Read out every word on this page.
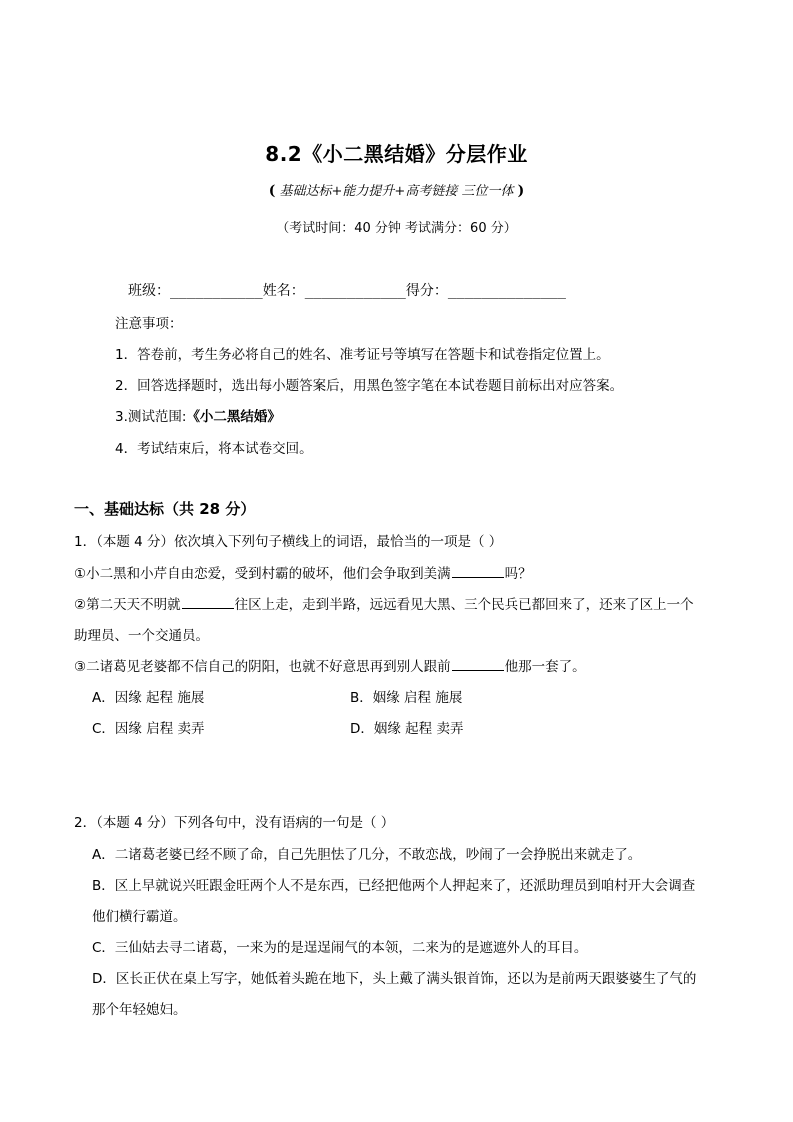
8.2《小二黑结婚》分层作业
( 基础达标+能力提升+高考链接 三位一体 )
（考试时间：40 分钟 考试满分：60 分）
班级：___________姓名：____________得分：______________
注意事项：
1．答卷前，考生务必将自己的姓名、准考证号等填写在答题卡和试卷指定位置上。
2．回答选择题时，选出每小题答案后，用黑色签字笔在本试卷题目前标出对应答案。
3.测试范围:《小二黑结婚》
4．考试结束后，将本试卷交回。
一、基础达标（共 28 分）
1．（本题 4 分）依次填入下列句子横线上的词语，最恰当的一项是（ ）
①小二黑和小芹自由恋爱，受到村霸的破坏，他们会争取到美满	吗？
②第二天天不明就	往区上走，走到半路，远远看见大黑、三个民兵已都回来了，还来了区上一个
助理员、一个交通员。
③二诸葛见老婆都不信自己的阴阳，也就不好意思再到别人跟前	他那一套了。
A．因缘 起程 施展	B．姻缘 启程 施展
C．因缘 启程 卖弄	D．姻缘 起程 卖弄
2．（本题 4 分）下列各句中，没有语病的一句是（ ）
A．二诸葛老婆已经不顾了命，自己先胆怯了几分，不敢恋战，吵闹了一会挣脱出来就走了。
B．区上早就说兴旺跟金旺两个人不是东西，已经把他两个人押起来了，还派助理员到咱村开大会调查
他们横行霸道。
C．三仙姑去寻二诸葛，一来为的是逞逞闹气的本领，二来为的是遮遮外人的耳目。
D．区长正伏在桌上写字，她低着头跪在地下，头上戴了满头银首饰，还以为是前两天跟婆婆生了气的
那个年轻媳妇。
